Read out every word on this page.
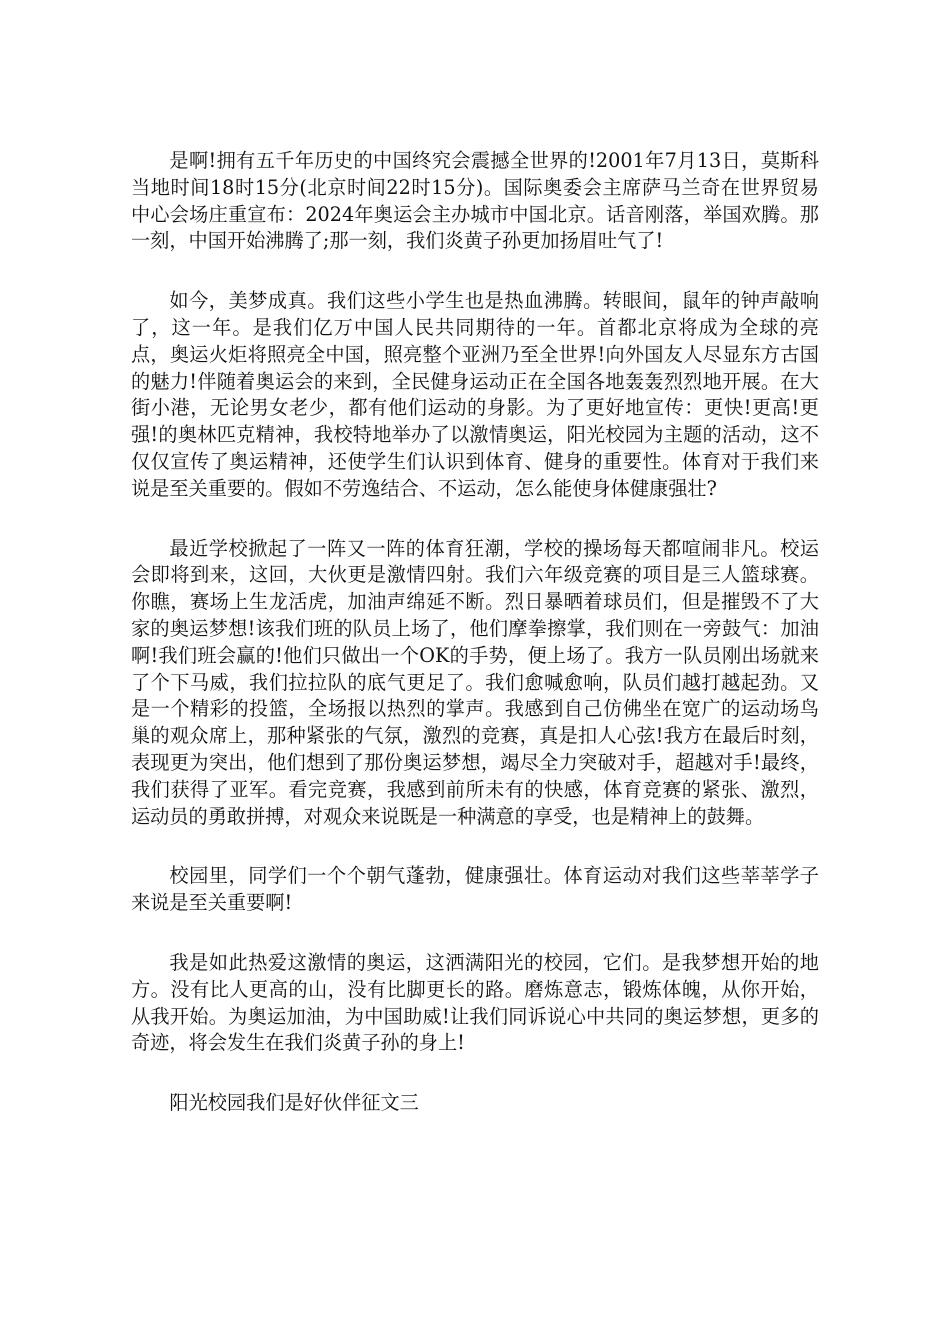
是啊!拥有五千年历史的中国终究会震撼全世界的!2001年7月13日，莫斯科当地时间18时15分(北京时间22时15分)。国际奥委会主席萨马兰奇在世界贸易中心会场庄重宣布：2024年奥运会主办城市中国北京。话音刚落，举国欢腾。那一刻，中国开始沸腾了;那一刻，我们炎黄子孙更加扬眉吐气了!

如今，美梦成真。我们这些小学生也是热血沸腾。转眼间，鼠年的钟声敲响了，这一年。是我们亿万中国人民共同期待的一年。首都北京将成为全球的亮点，奥运火炬将照亮全中国，照亮整个亚洲乃至全世界!向外国友人尽显东方古国的魅力!伴随着奥运会的来到，全民健身运动正在全国各地轰轰烈烈地开展。在大街小港，无论男女老少，都有他们运动的身影。为了更好地宣传：更快!更高!更强!的奥林匹克精神，我校特地举办了以激情奥运，阳光校园为主题的活动，这不仅仅宣传了奥运精神，还使学生们认识到体育、健身的重要性。体育对于我们来说是至关重要的。假如不劳逸结合、不运动，怎么能使身体健康强壮?

最近学校掀起了一阵又一阵的体育狂潮，学校的操场每天都喧闹非凡。校运会即将到来，这回，大伙更是激情四射。我们六年级竞赛的项目是三人篮球赛。你瞧，赛场上生龙活虎，加油声绵延不断。烈日暴晒着球员们，但是摧毁不了大家的奥运梦想!该我们班的队员上场了，他们摩拳擦掌，我们则在一旁鼓气：加油啊!我们班会赢的!他们只做出一个OK的手势，便上场了。我方一队员刚出场就来了个下马威，我们拉拉队的底气更足了。我们愈喊愈响，队员们越打越起劲。又是一个精彩的投篮，全场报以热烈的掌声。我感到自己仿佛坐在宽广的运动场鸟巢的观众席上，那种紧张的气氛，激烈的竞赛，真是扣人心弦!我方在最后时刻，表现更为突出，他们想到了那份奥运梦想，竭尽全力突破对手，超越对手!最终，我们获得了亚军。看完竞赛，我感到前所未有的快感，体育竞赛的紧张、激烈，运动员的勇敢拼搏，对观众来说既是一种满意的享受，也是精神上的鼓舞。

校园里，同学们一个个朝气蓬勃，健康强壮。体育运动对我们这些莘莘学子来说是至关重要啊!

我是如此热爱这激情的奥运，这洒满阳光的校园，它们。是我梦想开始的地方。没有比人更高的山，没有比脚更长的路。磨炼意志，锻炼体魄，从你开始，从我开始。为奥运加油，为中国助威!让我们同诉说心中共同的奥运梦想，更多的奇迹，将会发生在我们炎黄子孙的身上!

阳光校园我们是好伙伴征文三
